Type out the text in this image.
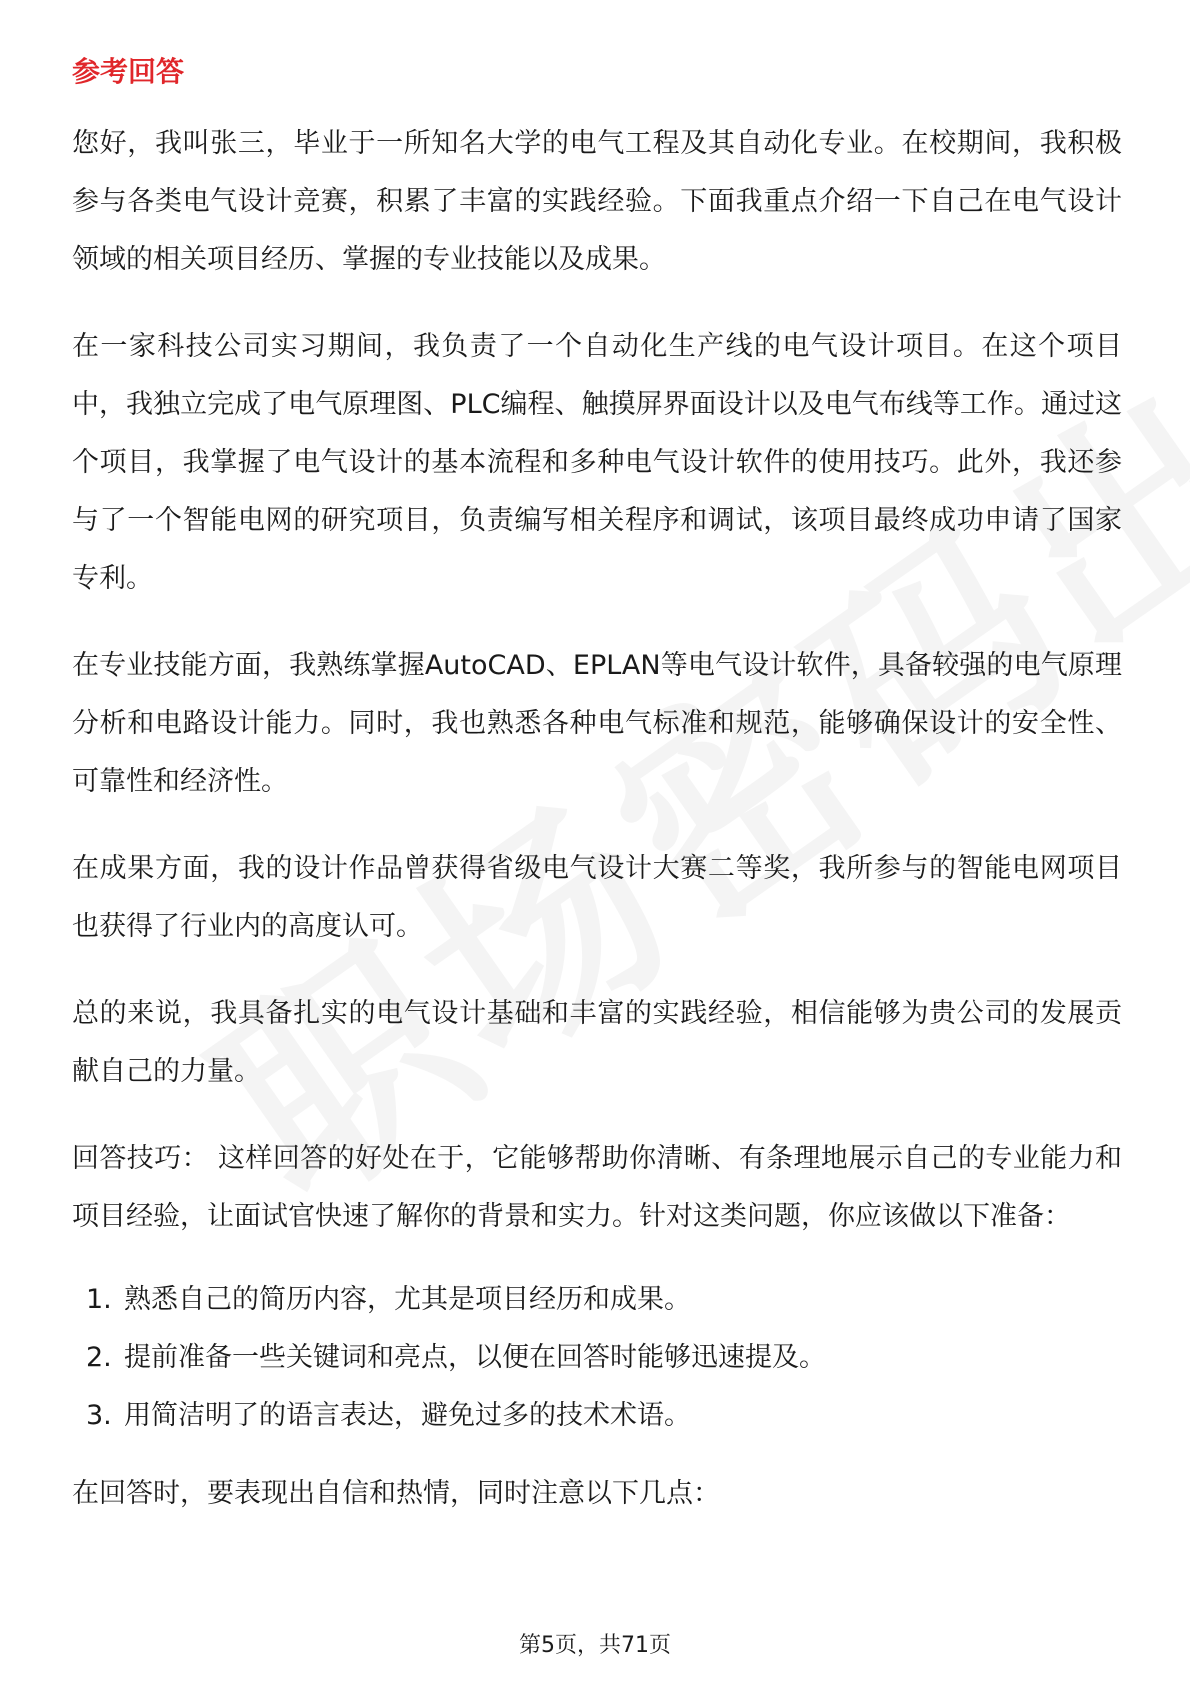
参考回答

您好，我叫张三，毕业于一所知名大学的电气工程及其自动化专业。在校期间，我积极参与各类电气设计竞赛，积累了丰富的实践经验。下面我重点介绍一下自己在电气设计领域的相关项目经历、掌握的专业技能以及成果。

在一家科技公司实习期间，我负责了一个自动化生产线的电气设计项目。在这个项目中，我独立完成了电气原理图、PLC编程、触摸屏界面设计以及电气布线等工作。通过这个项目，我掌握了电气设计的基本流程和多种电气设计软件的使用技巧。此外，我还参与了一个智能电网的研究项目，负责编写相关程序和调试，该项目最终成功申请了国家专利。

在专业技能方面，我熟练掌握AutoCAD、EPLAN等电气设计软件，具备较强的电气原理分析和电路设计能力。同时，我也熟悉各种电气标准和规范，能够确保设计的安全性、可靠性和经济性。

在成果方面，我的设计作品曾获得省级电气设计大赛二等奖，我所参与的智能电网项目也获得了行业内的高度认可。

总的来说，我具备扎实的电气设计基础和丰富的实践经验，相信能够为贵公司的发展贡献自己的力量。

回答技巧： 这样回答的好处在于，它能够帮助你清晰、有条理地展示自己的专业能力和项目经验，让面试官快速了解你的背景和实力。针对这类问题，你应该做以下准备：

1. 熟悉自己的简历内容，尤其是项目经历和成果。
2. 提前准备一些关键词和亮点，以便在回答时能够迅速提及。
3. 用简洁明了的语言表达，避免过多的技术术语。

在回答时，要表现出自信和热情，同时注意以下几点：

第5页，共71页
